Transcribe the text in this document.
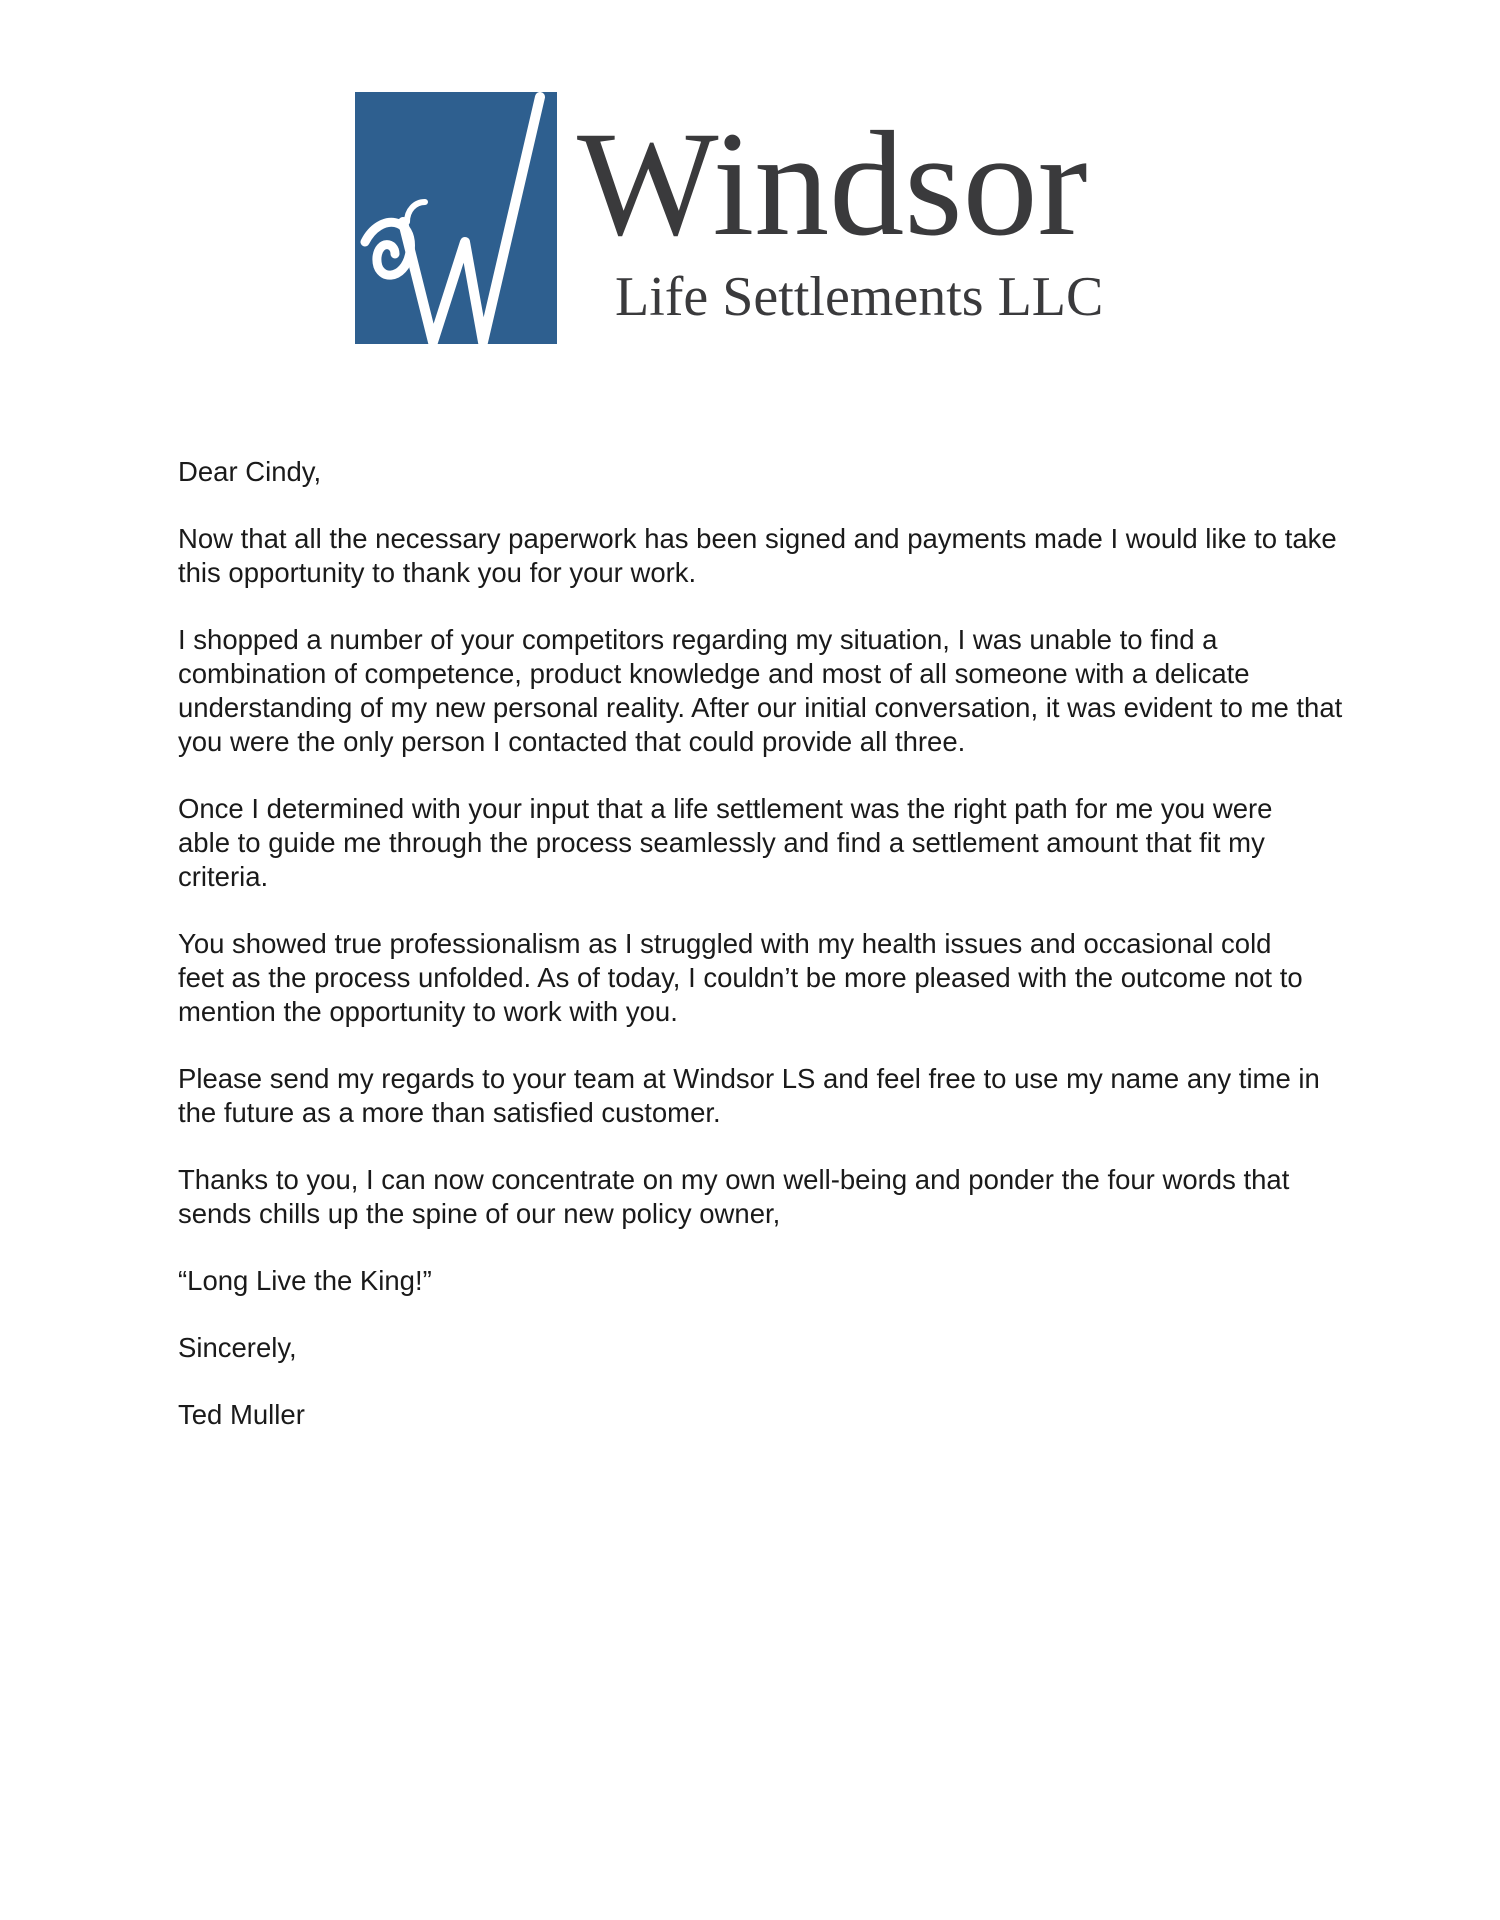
Windsor
Life Settlements LLC

Dear Cindy,

Now that all the necessary paperwork has been signed and payments made I would like to take this opportunity to thank you for your work.

I shopped a number of your competitors regarding my situation, I was unable to find a combination of competence, product knowledge and most of all someone with a delicate understanding of my new personal reality. After our initial conversation, it was evident to me that you were the only person I contacted that could provide all three.

Once I determined with your input that a life settlement was the right path for me you were able to guide me through the process seamlessly and find a settlement amount that fit my criteria.

You showed true professionalism as I struggled with my health issues and occasional cold feet as the process unfolded. As of today, I couldn’t be more pleased with the outcome not to mention the opportunity to work with you.

Please send my regards to your team at Windsor LS and feel free to use my name any time in the future as a more than satisfied customer.

Thanks to you, I can now concentrate on my own well-being and ponder the four words that sends chills up the spine of our new policy owner,

“Long Live the King!”

Sincerely,

Ted Muller
